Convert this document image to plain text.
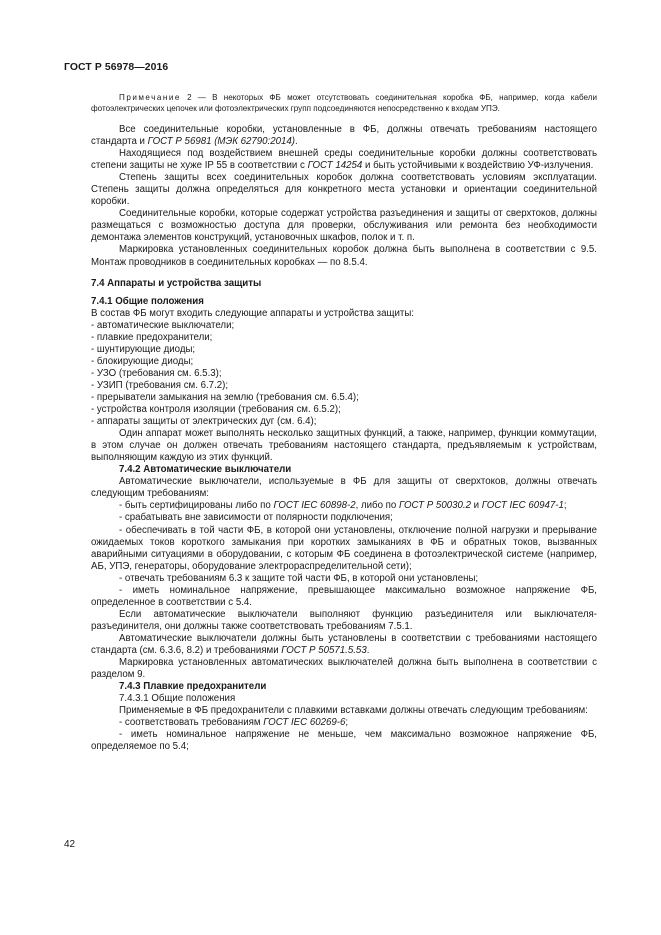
ГОСТ Р 56978—2016

Примечание 2 — В некоторых ФБ может отсутствовать соединительная коробка ФБ, например, когда кабели фотоэлектрических цепочек или фотоэлектрических групп подсоединяются непосредственно к входам УПЭ.

Все соединительные коробки, установленные в ФБ, должны отвечать требованиям настоящего стандарта и ГОСТ Р 56981 (МЭК 62790:2014).

Находящиеся под воздействием внешней среды соединительные коробки должны соответствовать степени защиты не хуже IP 55 в соответствии с ГОСТ 14254 и быть устойчивыми к воздействию УФ-излучения.

Степень защиты всех соединительных коробок должна соответствовать условиям эксплуатации. Степень защиты должна определяться для конкретного места установки и ориентации соединительной коробки.

Соединительные коробки, которые содержат устройства разъединения и защиты от сверхтоков, должны размещаться с возможностью доступа для проверки, обслуживания или ремонта без необходимости демонтажа элементов конструкций, установочных шкафов, полок и т. п.

Маркировка установленных соединительных коробок должна быть выполнена в соответствии с 9.5. Монтаж проводников в соединительных коробках — по 8.5.4.

7.4 Аппараты и устройства защиты

7.4.1 Общие положения

В состав ФБ могут входить следующие аппараты и устройства защиты:

- автоматические выключатели;
- плавкие предохранители;
- шунтирующие диоды;
- блокирующие диоды;
- УЗО (требования см. 6.5.3);
- УЗИП (требования см. 6.7.2);
- прерыватели замыкания на землю (требования см. 6.5.4);
- устройства контроля изоляции (требования см. 6.5.2);
- аппараты защиты от электрических дуг (см. 6.4);

Один аппарат может выполнять несколько защитных функций, а также, например, функции коммутации, в этом случае он должен отвечать требованиям настоящего стандарта, предъявляемым к устройствам, выполняющим каждую из этих функций.

7.4.2 Автоматические выключатели

Автоматические выключатели, используемые в ФБ для защиты от сверхтоков, должны отвечать следующим требованиям:

- быть сертифицированы либо по ГОСТ IEC 60898-2, либо по ГОСТ Р 50030.2 и ГОСТ IEC 60947-1;
- срабатывать вне зависимости от полярности подключения;
- обеспечивать в той части ФБ, в которой они установлены, отключение полной нагрузки и прерывание ожидаемых токов короткого замыкания при коротких замыканиях в ФБ и обратных токов, вызванных аварийными ситуациями в оборудовании, с которым ФБ соединена в фотоэлектрической системе (например, АБ, УПЭ, генераторы, оборудование электрораспределительной сети);
- отвечать требованиям 6.3 к защите той части ФБ, в которой они установлены;
- иметь номинальное напряжение, превышающее максимально возможное напряжение ФБ, определенное в соответствии с 5.4.

Если автоматические выключатели выполняют функцию разъединителя или выключателя-разъединителя, они должны также соответствовать требованиям 7.5.1.

Автоматические выключатели должны быть установлены в соответствии с требованиями настоящего стандарта (см. 6.3.6, 8.2) и требованиями ГОСТ Р 50571.5.53.

Маркировка установленных автоматических выключателей должна быть выполнена в соответствии с разделом 9.

7.4.3 Плавкие предохранители

7.4.3.1 Общие положения

Применяемые в ФБ предохранители с плавкими вставками должны отвечать следующим требованиям:

- соответствовать требованиям ГОСТ IEC 60269-6;
- иметь номинальное напряжение не меньше, чем максимально возможное напряжение ФБ, определяемое по 5.4;
42
